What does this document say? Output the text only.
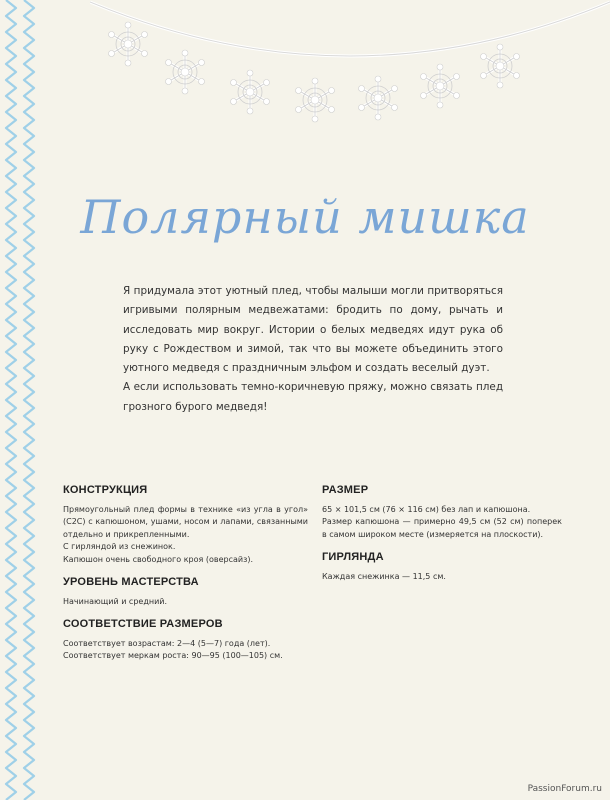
Полярный мишка

Я придумала этот уютный плед, чтобы малыши могли притворяться игривыми полярным медвежатами: бродить по дому, рычать и исследовать мир вокруг. Истории о белых медведях идут рука об руку с Рождеством и зимой, так что вы можете объединить этого уютного медведя с праздничным эльфом и создать веселый дуэт.

А если использовать темно-коричневую пряжу, можно связать плед грозного бурого медведя!

КОНСТРУКЦИЯ

Прямоугольный плед формы в технике «из угла в угол» (C2C) с капюшоном, ушами, носом и лапами, связанными отдельно и прикрепленными.

С гирляндой из снежинок.

Капюшон очень свободного кроя (оверсайз).

УРОВЕНЬ МАСТЕРСТВА

Начинающий и средний.

СООТВЕТСТВИЕ РАЗМЕРОВ

Соответствует возрастам: 2—4 (5—7) года (лет).

Соответствует меркам роста: 90—95 (100—105) см.

РАЗМЕР

65 × 101,5 см (76 × 116 см) без лап и капюшона.

Размер капюшона — примерно 49,5 см (52 см) поперек в самом широком месте (измеряется на плоскости).

ГИРЛЯНДА

Каждая снежинка — 11,5 см.

PassionForum.ru
